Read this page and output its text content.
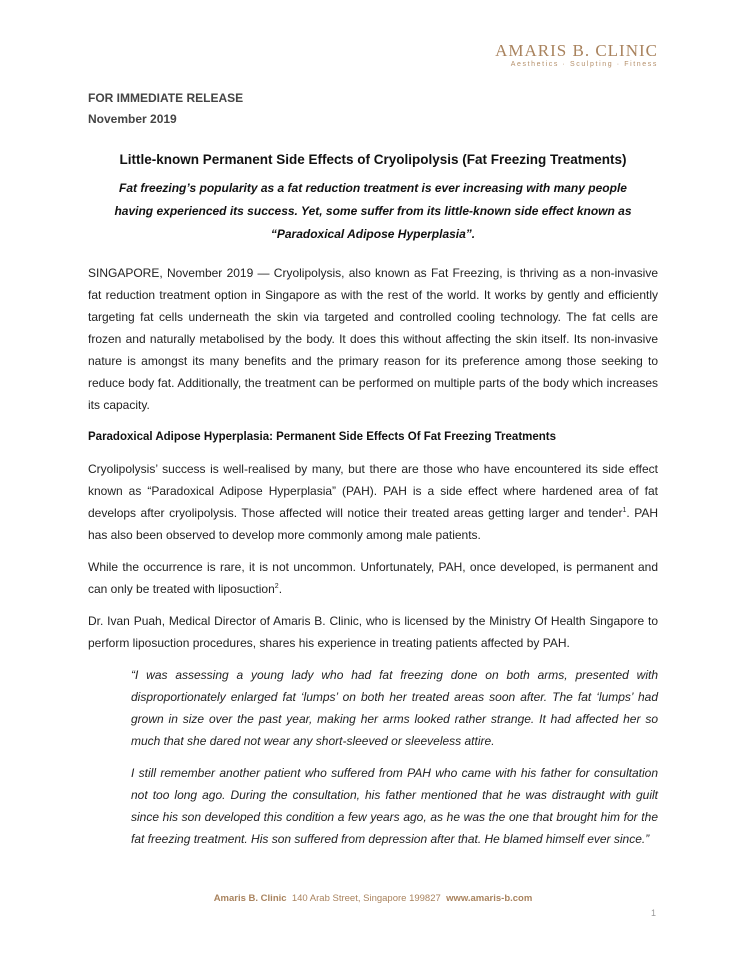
AMARIS B. CLINIC
Aesthetics · Sculpting · Fitness
FOR IMMEDIATE RELEASE
November 2019
Little-known Permanent Side Effects of Cryolipolysis (Fat Freezing Treatments)
Fat freezing’s popularity as a fat reduction treatment is ever increasing with many people having experienced its success. Yet, some suffer from its little-known side effect known as “Paradoxical Adipose Hyperplasia”.

SINGAPORE, November 2019 — Cryolipolysis, also known as Fat Freezing, is thriving as a non-invasive fat reduction treatment option in Singapore as with the rest of the world. It works by gently and efficiently targeting fat cells underneath the skin via targeted and controlled cooling technology. The fat cells are frozen and naturally metabolised by the body. It does this without affecting the skin itself. Its non-invasive nature is amongst its many benefits and the primary reason for its preference among those seeking to reduce body fat. Additionally, the treatment can be performed on multiple parts of the body which increases its capacity.

Paradoxical Adipose Hyperplasia: Permanent Side Effects Of Fat Freezing Treatments

Cryolipolysis’ success is well-realised by many, but there are those who have encountered its side effect known as “Paradoxical Adipose Hyperplasia” (PAH). PAH is a side effect where hardened area of fat develops after cryolipolysis. Those affected will notice their treated areas getting larger and tender$^1$. PAH has also been observed to develop more commonly among male patients.

While the occurrence is rare, it is not uncommon. Unfortunately, PAH, once developed, is permanent and can only be treated with liposuction$^2$.

Dr. Ivan Puah, Medical Director of Amaris B. Clinic, who is licensed by the Ministry Of Health Singapore to perform liposuction procedures, shares his experience in treating patients affected by PAH.

“I was assessing a young lady who had fat freezing done on both arms, presented with disproportionately enlarged fat ‘lumps’ on both her treated areas soon after. The fat ‘lumps’ had grown in size over the past year, making her arms looked rather strange. It had affected her so much that she dared not wear any short-sleeved or sleeveless attire.

I still remember another patient who suffered from PAH who came with his father for consultation not too long ago. During the consultation, his father mentioned that he was distraught with guilt since his son developed this condition a few years ago, as he was the one that brought him for the fat freezing treatment. His son suffered from depression after that. He blamed himself ever since.”

Amaris B. Clinic 140 Arab Street, Singapore 199827 www.amaris-b.com
1
